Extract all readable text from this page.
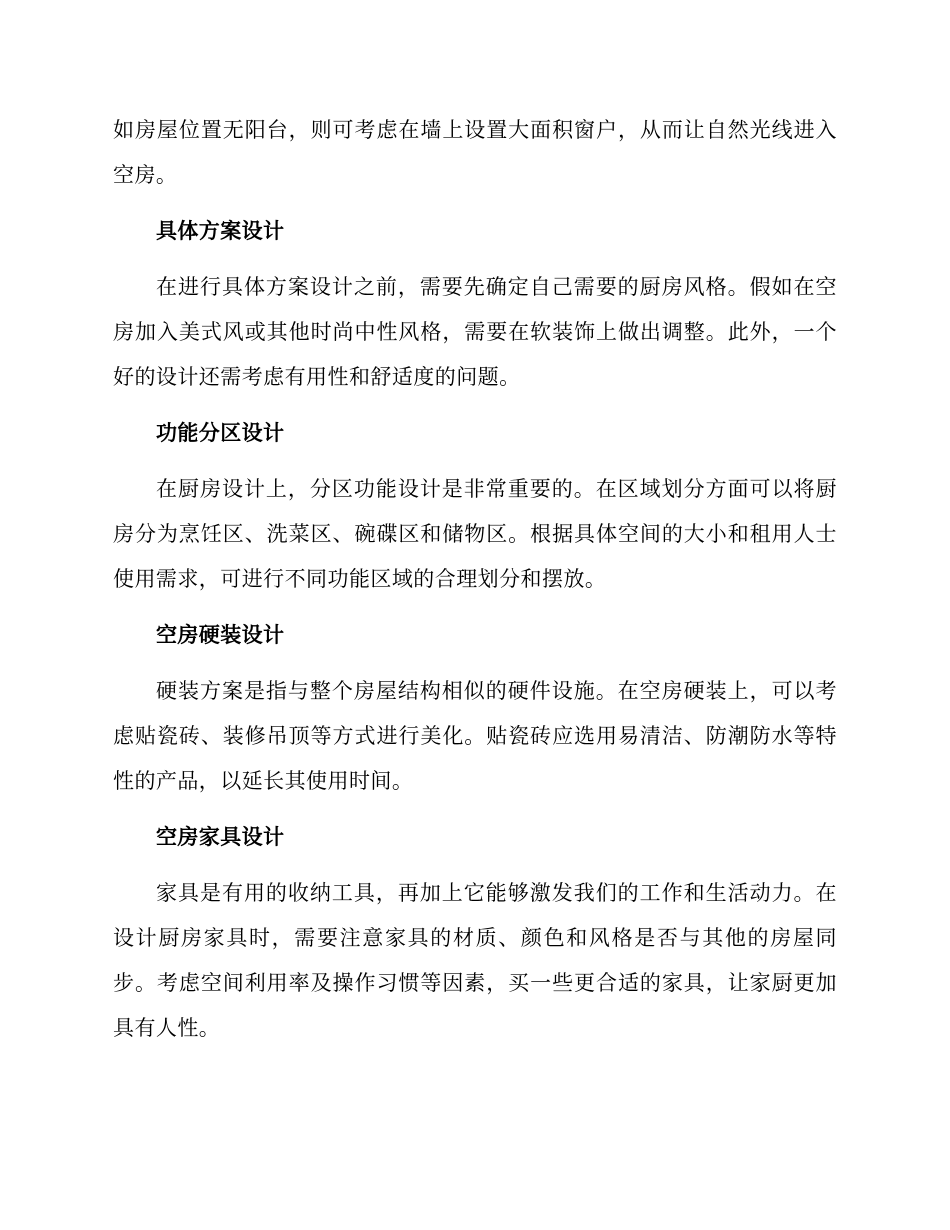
如房屋位置无阳台，则可考虑在墙上设置大面积窗户，从而让自然光线进入空房。

具体方案设计

在进行具体方案设计之前，需要先确定自己需要的厨房风格。假如在空房加入美式风或其他时尚中性风格，需要在软装饰上做出调整。此外，一个好的设计还需考虑有用性和舒适度的问题。

功能分区设计

在厨房设计上，分区功能设计是非常重要的。在区域划分方面可以将厨房分为烹饪区、洗菜区、碗碟区和储物区。根据具体空间的大小和租用人士使用需求，可进行不同功能区域的合理划分和摆放。

空房硬装设计

硬装方案是指与整个房屋结构相似的硬件设施。在空房硬装上，可以考虑贴瓷砖、装修吊顶等方式进行美化。贴瓷砖应选用易清洁、防潮防水等特性的产品，以延长其使用时间。

空房家具设计

家具是有用的收纳工具，再加上它能够激发我们的工作和生活动力。在设计厨房家具时，需要注意家具的材质、颜色和风格是否与其他的房屋同步。考虑空间利用率及操作习惯等因素，买一些更合适的家具，让家厨更加具有人性。
